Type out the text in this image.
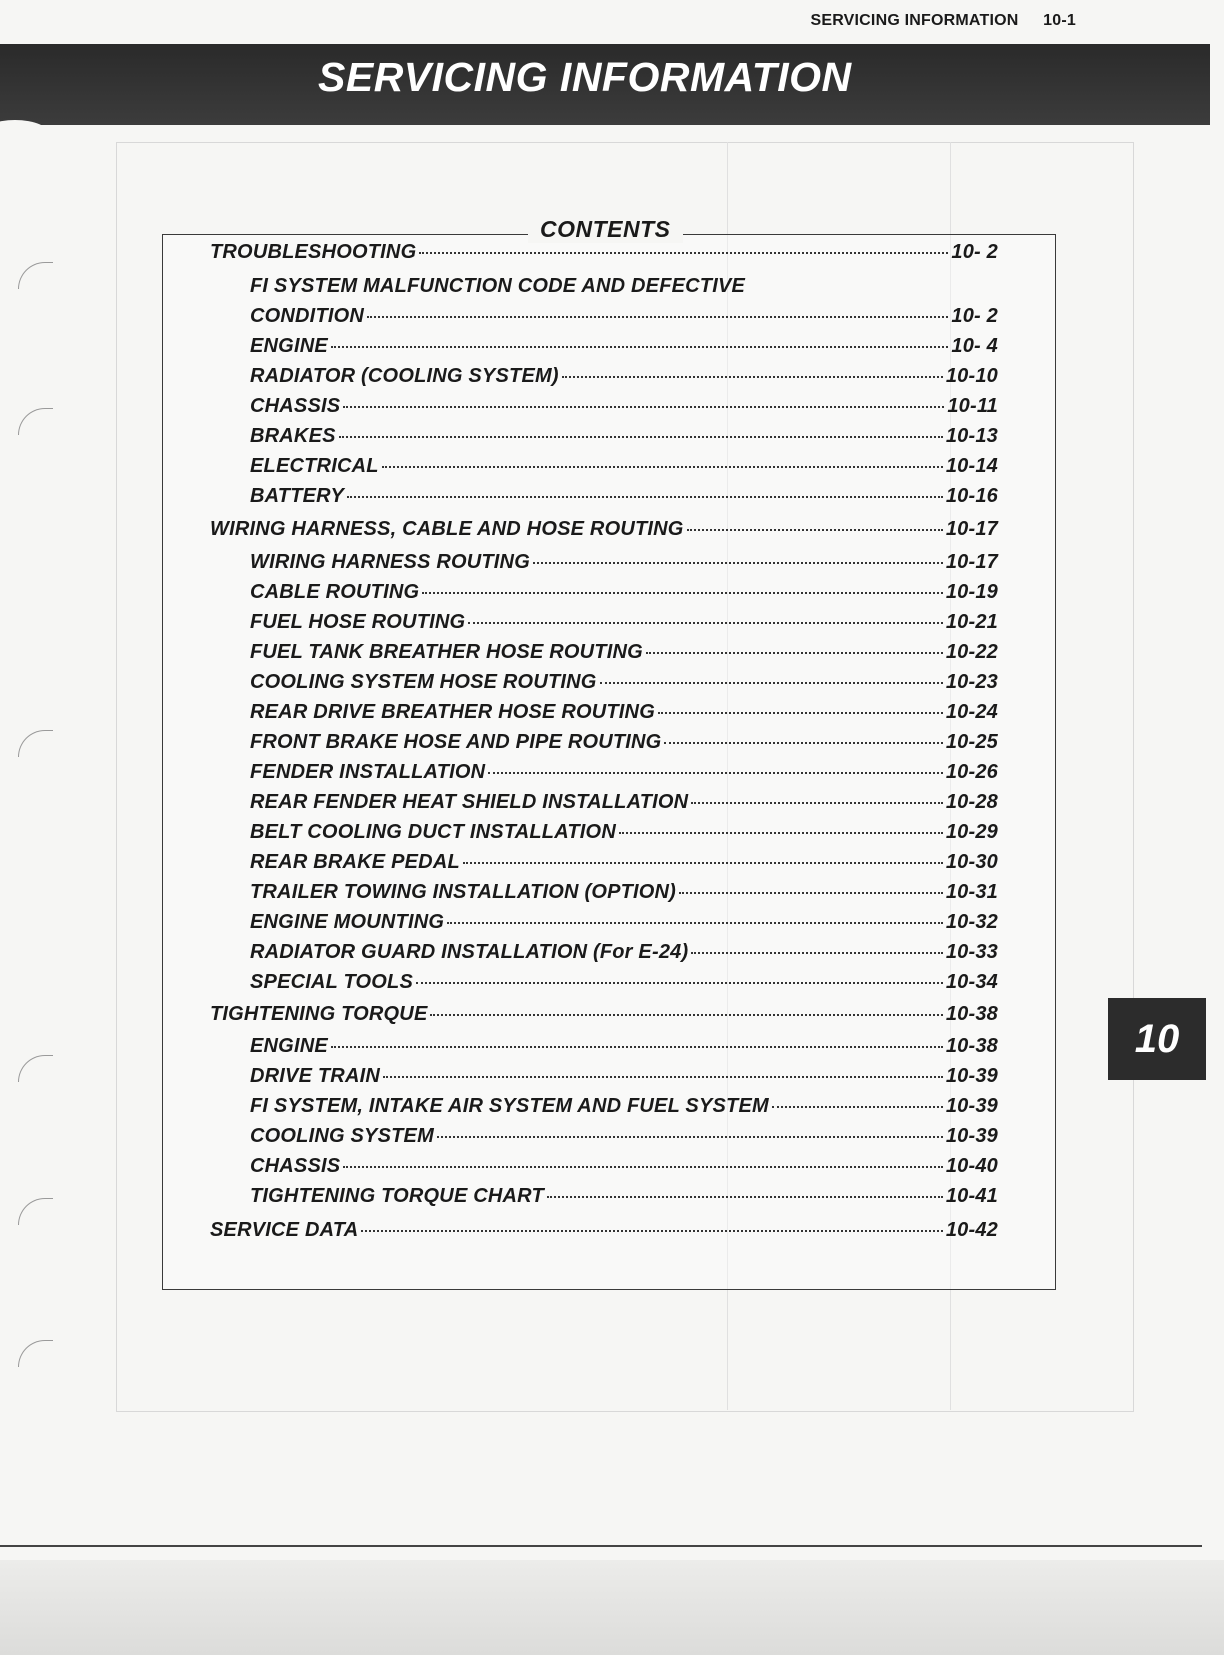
SERVICING INFORMATION 10-1
SERVICING INFORMATION
CONTENTS
TROUBLESHOOTING	10- 2
FI SYSTEM MALFUNCTION CODE AND DEFECTIVE
CONDITION	10- 2
ENGINE	10- 4
RADIATOR (COOLING SYSTEM)	10-10
CHASSIS	10-11
BRAKES	10-13
ELECTRICAL	10-14
BATTERY	10-16
WIRING HARNESS, CABLE AND HOSE ROUTING	10-17
WIRING HARNESS ROUTING	10-17
CABLE ROUTING	10-19
FUEL HOSE ROUTING	10-21
FUEL TANK BREATHER HOSE ROUTING	10-22
COOLING SYSTEM HOSE ROUTING	10-23
REAR DRIVE BREATHER HOSE ROUTING	10-24
FRONT BRAKE HOSE AND PIPE ROUTING	10-25
FENDER INSTALLATION	10-26
REAR FENDER HEAT SHIELD INSTALLATION	10-28
BELT COOLING DUCT INSTALLATION	10-29
REAR BRAKE PEDAL	10-30
TRAILER TOWING INSTALLATION (OPTION)	10-31
ENGINE MOUNTING	10-32
RADIATOR GUARD INSTALLATION (For E-24)	10-33
SPECIAL TOOLS	10-34
TIGHTENING TORQUE	10-38
ENGINE	10-38
DRIVE TRAIN	10-39
FI SYSTEM, INTAKE AIR SYSTEM AND FUEL SYSTEM	10-39
COOLING SYSTEM	10-39
CHASSIS	10-40
TIGHTENING TORQUE CHART	10-41
SERVICE DATA	10-42
10
